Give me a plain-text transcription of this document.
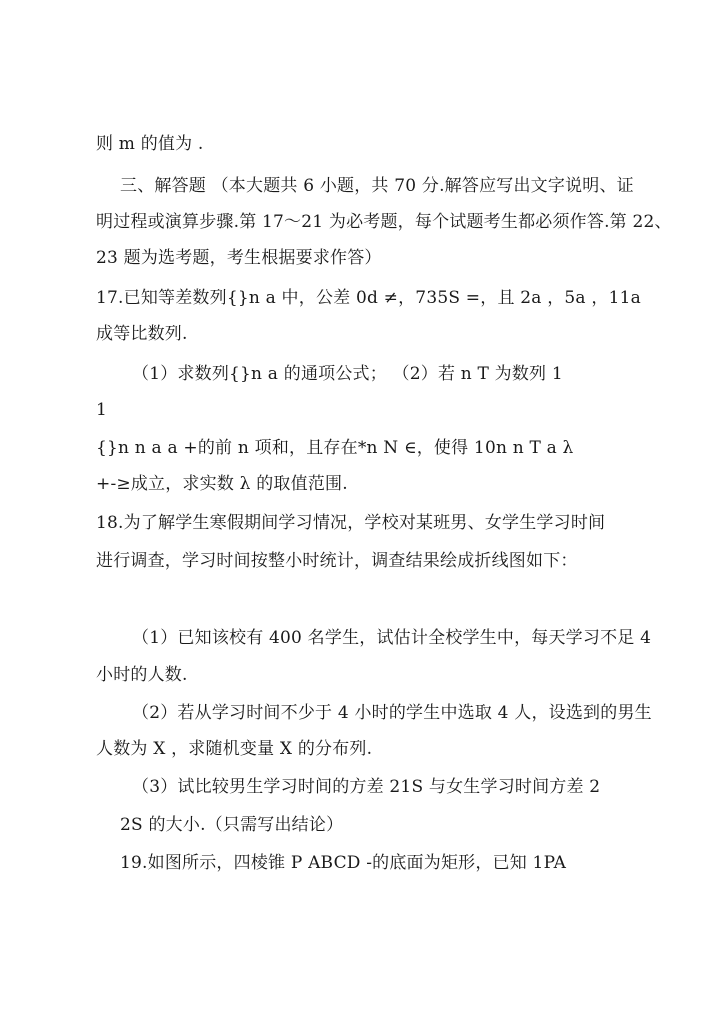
则 m 的值为 .
三、解答题 （本大题共 6 小题，共 70 分.解答应写出文字说明、证
明过程或演算步骤.第 17～21 为必考题，每个试题考生都必须作答.第 22、
23 题为选考题，考生根据要求作答）
17.已知等差数列{}n a 中，公差 0d ≠，735S =，且 2a ，5a ，11a
成等比数列.
（1）求数列{}n a 的通项公式； （2）若 n T 为数列 1
1
{}n n a a +的前 n 项和，且存在*n N ∈，使得 10n n T a λ
+-≥成立，求实数 λ 的取值范围.
18.为了解学生寒假期间学习情况，学校对某班男、女学生学习时间
进行调查，学习时间按整小时统计，调查结果绘成折线图如下：
（1）已知该校有 400 名学生，试估计全校学生中，每天学习不足 4
小时的人数.
（2）若从学习时间不少于 4 小时的学生中选取 4 人，设选到的男生
人数为 X ，求随机变量 X 的分布列.
（3）试比较男生学习时间的方差 21S 与女生学习时间方差 2
2S 的大小.（只需写出结论）
19.如图所示，四棱锥 P ABCD -的底面为矩形，已知 1PA
